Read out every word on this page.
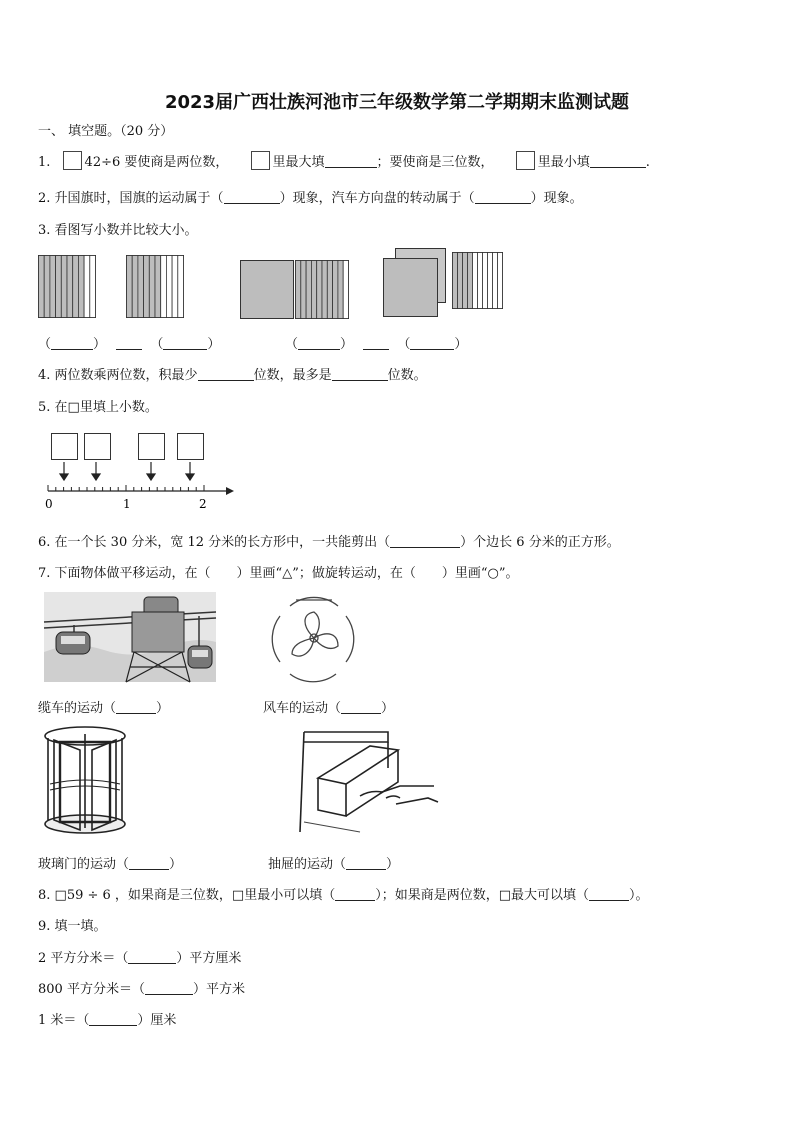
2023届广西壮族河池市三年级数学第二学期期末监测试题
一、 填空题。（20 分）
1.	42÷6 要使商是两位数，	里最大填	；要使商是三位数，	里最小填	.
2. 升国旗时，国旗的运动属于（	）现象，汽车方向盘的转动属于（	）现象。
3. 看图写小数并比较大小。
（	）	（	）	（	）	（	）
4. 两位数乘两位数，积最少	位数，最多是	位数。
5. 在□里填上小数。
0	1	2
6. 在一个长 30 分米，宽 12 分米的长方形中，一共能剪出（	）个边长 6 分米的正方形。
7. 下面物体做平移运动，在（　　）里画“△”；做旋转运动，在（　　）里画“○”。
缆车的运动（	）	风车的运动（	）
玻璃门的运动（	）	抽屉的运动（	）
8. □59 ÷ 6 ，如果商是三位数，□里最小可以填（	）；如果商是两位数，□最大可以填（	）。
9. 填一填。
2 平方分米＝（	）平方厘米
800 平方分米＝（	）平方米
1 米＝（	）厘米
